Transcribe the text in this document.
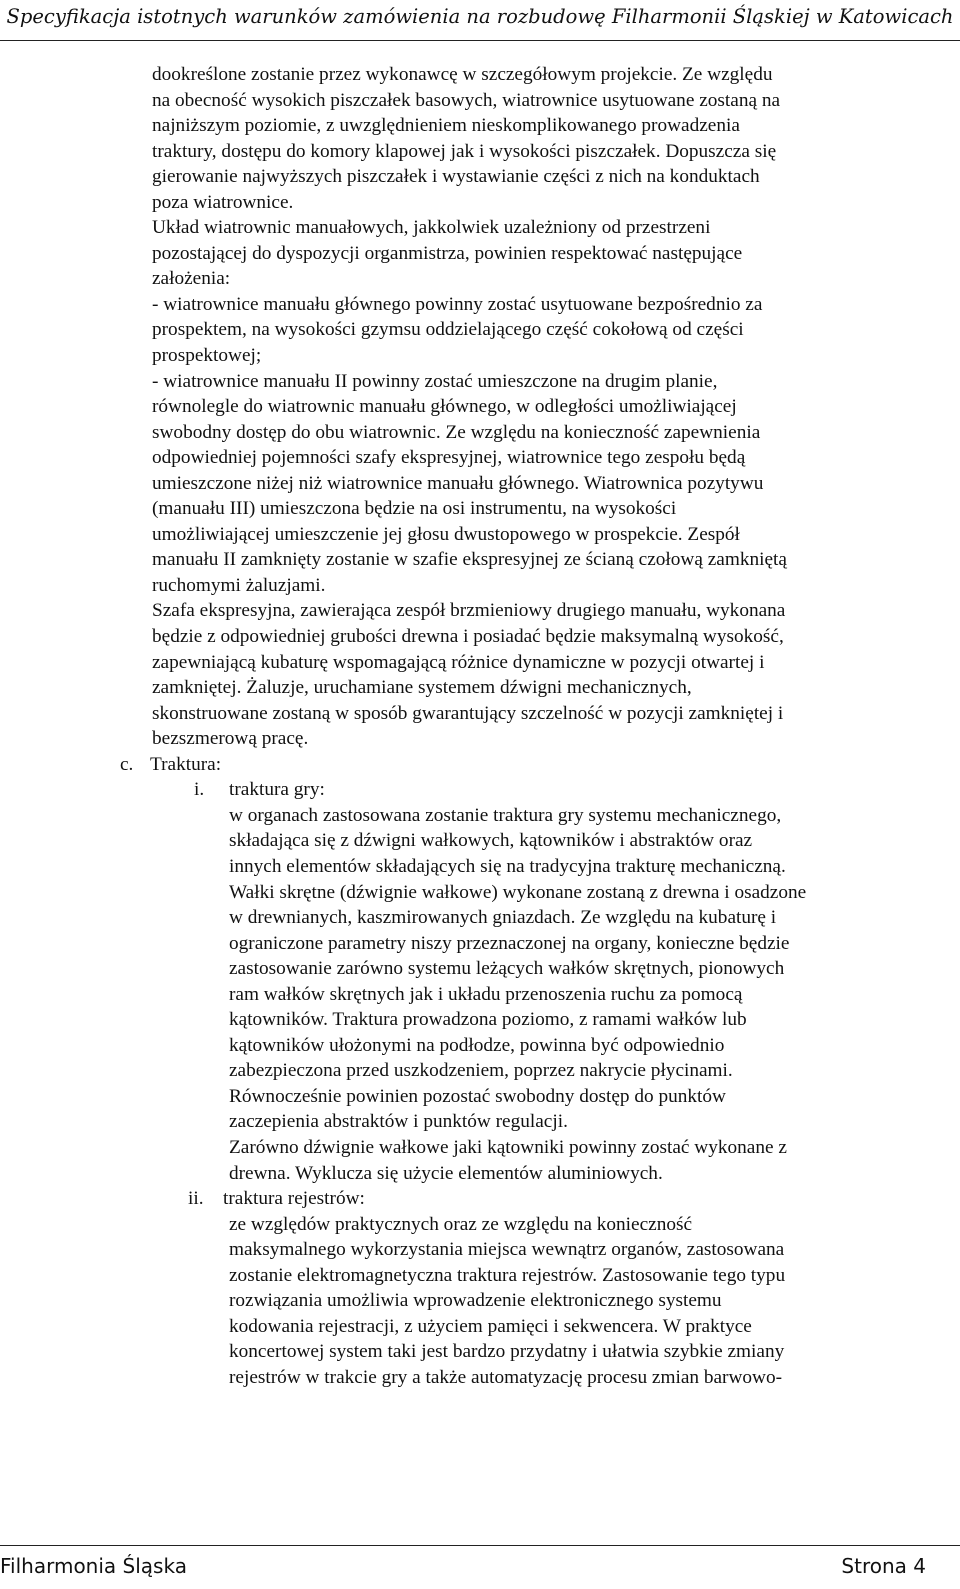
Specyfikacja istotnych warunków zamówienia na rozbudowę Filharmonii Śląskiej w Katowicach
dookreślone zostanie przez wykonawcę w szczegółowym projekcie. Ze względu
na obecność wysokich piszczałek basowych, wiatrownice usytuowane zostaną na
najniższym poziomie, z uwzględnieniem nieskomplikowanego prowadzenia
traktury, dostępu do komory klapowej jak i wysokości piszczałek. Dopuszcza się
gierowanie najwyższych piszczałek i wystawianie części z nich na konduktach
poza wiatrownice.
Układ wiatrownic manuałowych, jakkolwiek uzależniony od przestrzeni
pozostającej do dyspozycji organmistrza, powinien respektować następujące
założenia:
- wiatrownice manuału głównego powinny zostać usytuowane bezpośrednio za
prospektem, na wysokości gzymsu oddzielającego część cokołową od części
prospektowej;
- wiatrownice manuału II powinny zostać umieszczone na drugim planie,
równolegle do wiatrownic manuału głównego, w odległości umożliwiającej
swobodny dostęp do obu wiatrownic. Ze względu na konieczność zapewnienia
odpowiedniej pojemności szafy ekspresyjnej, wiatrownice tego zespołu będą
umieszczone niżej niż wiatrownice manuału głównego. Wiatrownica pozytywu
(manuału III) umieszczona będzie na osi instrumentu, na wysokości
umożliwiającej umieszczenie jej głosu dwustopowego w prospekcie. Zespół
manuału II zamknięty zostanie w szafie ekspresyjnej ze ścianą czołową zamkniętą
ruchomymi żaluzjami.
Szafa ekspresyjna, zawierająca zespół brzmieniowy drugiego manuału, wykonana
będzie z odpowiedniej grubości drewna i posiadać będzie maksymalną wysokość,
zapewniającą kubaturę wspomagającą różnice dynamiczne w pozycji otwartej i
zamkniętej. Żaluzje, uruchamiane systemem dźwigni mechanicznych,
skonstruowane zostaną w sposób gwarantujący szczelność w pozycji zamkniętej i
bezszmerową pracę.
c. Traktura:
i. traktura gry:
w organach zastosowana zostanie traktura gry systemu mechanicznego,
składająca się z dźwigni wałkowych, kątowników i abstraktów oraz
innych elementów składających się na tradycyjna trakturę mechaniczną.
Wałki skrętne (dźwignie wałkowe) wykonane zostaną z drewna i osadzone
w drewnianych, kaszmirowanych gniazdach. Ze względu na kubaturę i
ograniczone parametry niszy przeznaczonej na organy, konieczne będzie
zastosowanie zarówno systemu leżących wałków skrętnych, pionowych
ram wałków skrętnych jak i układu przenoszenia ruchu za pomocą
kątowników. Traktura prowadzona poziomo, z ramami wałków lub
kątowników ułożonymi na podłodze, powinna być odpowiednio
zabezpieczona przed uszkodzeniem, poprzez nakrycie płycinami.
Równocześnie powinien pozostać swobodny dostęp do punktów
zaczepienia abstraktów i punktów regulacji.
Zarówno dźwignie wałkowe jaki kątowniki powinny zostać wykonane z
drewna. Wyklucza się użycie elementów aluminiowych.
ii. traktura rejestrów:
ze względów praktycznych oraz ze względu na konieczność
maksymalnego wykorzystania miejsca wewnątrz organów, zastosowana
zostanie elektromagnetyczna traktura rejestrów. Zastosowanie tego typu
rozwiązania umożliwia wprowadzenie elektronicznego systemu
kodowania rejestracji, z użyciem pamięci i sekwencera. W praktyce
koncertowej system taki jest bardzo przydatny i ułatwia szybkie zmiany
rejestrów w trakcie gry a także automatyzację procesu zmian barwowo-
Filharmonia Śląska	Strona 4
